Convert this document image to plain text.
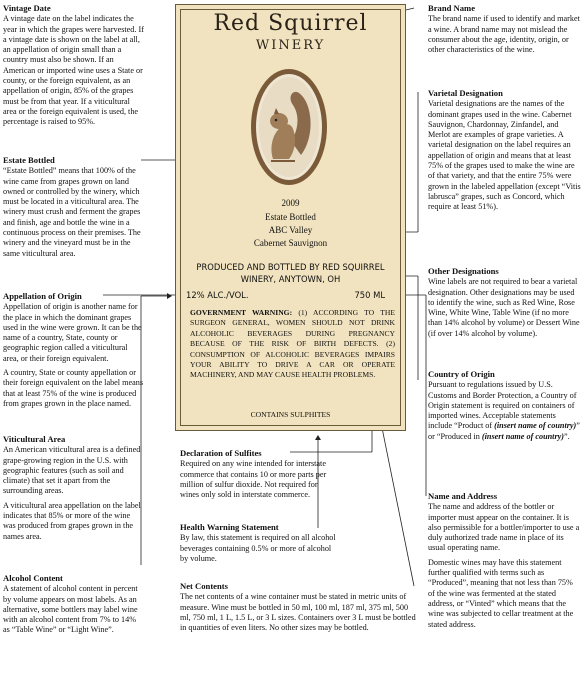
Vintage Date

A vintage date on the label indicates the year in which the grapes were harvested. If a vintage date is shown on the label at all, an appellation of origin small than a country must also be shown. If an American or imported wine uses a State or county, or the foreign equivalent, as an appellation of origin, 85% of the grapes must be from that year. If a viticultural area or the foreign equivalent is used, the percentage is raised to 95%.

Estate Bottled

“Estate Bottled” means that 100% of the wine came from grapes grown on land owned or controlled by the winery, which must be located in a viticultural area. The winery must crush and ferment the grapes and finish, age and bottle the wine in a continuous process on their premises. The winery and the vineyard must be in the same viticultural area.

Appellation of Origin

Appellation of origin is another name for the place in which the dominant grapes used in the wine were grown. It can be the name of a country, State, county or geographic region called a viticultural area, or their foreign equivalent.

A country, State or county appellation or their foreign equivalent on the label means that at least 75% of the wine is produced from grapes grown in the place named.

Viticultural Area

An American viticultural area is a defined grape-growing region in the U.S. with geographic features (such as soil and climate) that set it apart from the surrounding areas.

A viticultural area appellation on the label indicates that 85% or more of the wine was produced from grapes grown in the names area.

Alcohol Content

A statement of alcohol content in percent by volume appears on most labels. As an alternative, some bottlers may label wine with an alcohol content from 7% to 14% as “Table Wine” or “Light Wine”.

Brand Name

The brand name if used to identify and market a wine. A brand name may not mislead the consumer about the age, identity, origin, or other characteristics of the wine.

Varietal Designation

Varietal designations are the names of the dominant grapes used in the wine. Cabernet Sauvignon, Chardonnay, Zinfandel, and Merlot are examples of grape varieties. A varietal designation on the label requires an appellation of origin and means that at least 75% of the grapes used to make the wine are of that variety, and that the entire 75% were grown in the labeled appellation (except “Vitis labrusca” grapes, such as Concord, which require at least 51%).

Other Designations

Wine labels are not required to bear a varietal designation. Other designations may be used to identify the wine, such as Red Wine, Rose Wine, White Wine, Table Wine (if no more than 14% alcohol by volume) or Dessert Wine (if over 14% alcohol by volume).

Country of Origin

Pursuant to regulations issued by U.S. Customs and Border Protection, a Country of Origin statement is required on containers of imported wines. Acceptable statements include “Product of (insert name of country)” or “Produced in (insert name of country)”.

Name and Address

The name and address of the bottler or importer must appear on the container. It is also permissible for a bottler/importer to use a duly authorized trade name in place of its usual operating name.

Domestic wines may have this statement further qualified with terms such as “Produced”, meaning that not less than 75% of the wine was fermented at the stated address, or “Vinted” which means that the wine was subjected to cellar treatment at the stated address.

Declaration of Sulfites

Required on any wine intended for interstate commerce that contains 10 or more parts per million of sulfur dioxide. Not required for wines only sold in interstate commerce.

Health Warning Statement

By law, this statement is required on all alcohol beverages containing 0.5% or more of alcohol by volume.

Net Contents

The net contents of a wine container must be stated in metric units of measure. Wine must be bottled in 50 ml, 100 ml, 187 ml, 375 ml, 500 ml, 750 ml, 1 L, 1.5 L, or 3 L sizes. Containers over 3 L must be bottled in quantities of even liters. No other sizes may be bottled.

Red Squirrel
WINERY
2009
Estate Bottled
ABC Valley
Cabernet Sauvignon
PRODUCED AND BOTTLED BY RED SQUIRREL WINERY, ANYTOWN, OH
12% ALC./VOL.	750 ML
GOVERNMENT WARNING: (1) ACCORDING TO THE SURGEON GENERAL, WOMEN SHOULD NOT DRINK ALCOHOLIC BEVERAGES DURING PREGNANCY BECAUSE OF THE RISK OF BIRTH DEFECTS. (2) CONSUMPTION OF ALCOHOLIC BEVERAGES IMPAIRS YOUR ABILITY TO DRIVE A CAR OR OPERATE MACHINERY, AND MAY CAUSE HEALTH PROBLEMS.
CONTAINS SULPHITES
